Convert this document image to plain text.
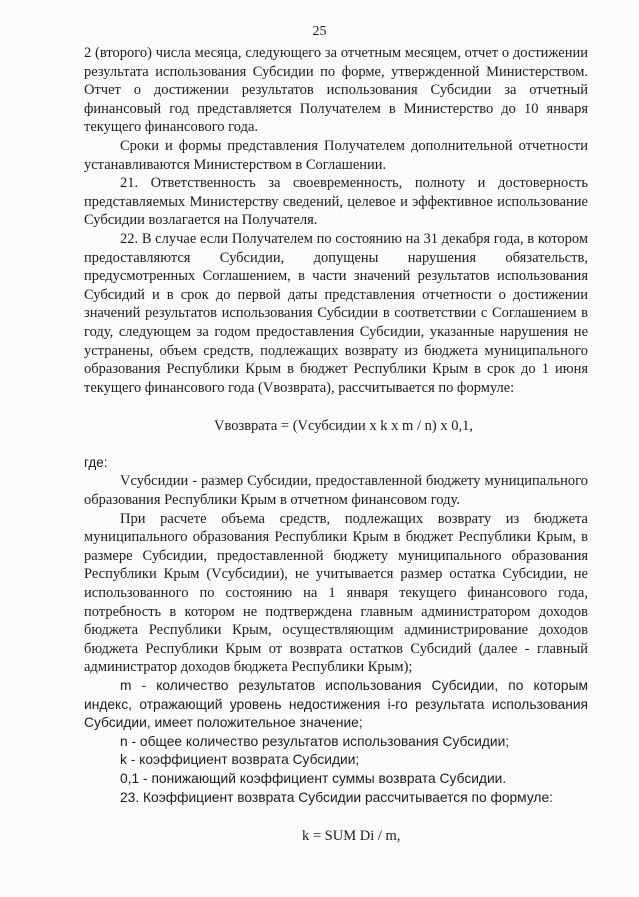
25

2 (второго) числа месяца, следующего за отчетным месяцем, отчет о достижении результата использования Субсидии по форме, утвержденной Министерством. Отчет о достижении результатов использования Субсидии за отчетный финансовый год представляется Получателем в Министерство до 10 января текущего финансового года.

Сроки и формы представления Получателем дополнительной отчетности устанавливаются Министерством в Соглашении.

21. Ответственность за своевременность, полноту и достоверность представляемых Министерству сведений, целевое и эффективное использование Субсидии возлагается на Получателя.

22. В случае если Получателем по состоянию на 31 декабря года, в котором предоставляются Субсидии, допущены нарушения обязательств, предусмотренных Соглашением, в части значений результатов использования Субсидий и в срок до первой даты представления отчетности о достижении значений результатов использования Субсидии в соответствии с Соглашением в году, следующем за годом предоставления Субсидии, указанные нарушения не устранены, объем средств, подлежащих возврату из бюджета муниципального образования Республики Крым в бюджет Республики Крым в срок до 1 июня текущего финансового года (Vвозврата), рассчитывается по формуле:

Vвозврата = (Vсубсидии x k x m / n) x 0,1,

где:

Vсубсидии - размер Субсидии, предоставленной бюджету муниципального образования Республики Крым в отчетном финансовом году.

При расчете объема средств, подлежащих возврату из бюджета муниципального образования Республики Крым в бюджет Республики Крым, в размере Субсидии, предоставленной бюджету муниципального образования Республики Крым (Vсубсидии), не учитывается размер остатка Субсидии, не использованного по состоянию на 1 января текущего финансового года, потребность в котором не подтверждена главным администратором доходов бюджета Республики Крым, осуществляющим администрирование доходов бюджета Республики Крым от возврата остатков Субсидий (далее - главный администратор доходов бюджета Республики Крым);

m - количество результатов использования Субсидии, по которым индекс, отражающий уровень недостижения i-го результата использования Субсидии, имеет положительное значение;

n - общее количество результатов использования Субсидии;

k - коэффициент возврата Субсидии;

0,1 - понижающий коэффициент суммы возврата Субсидии.

23. Коэффициент возврата Субсидии рассчитывается по формуле:

k = SUM Di / m,
